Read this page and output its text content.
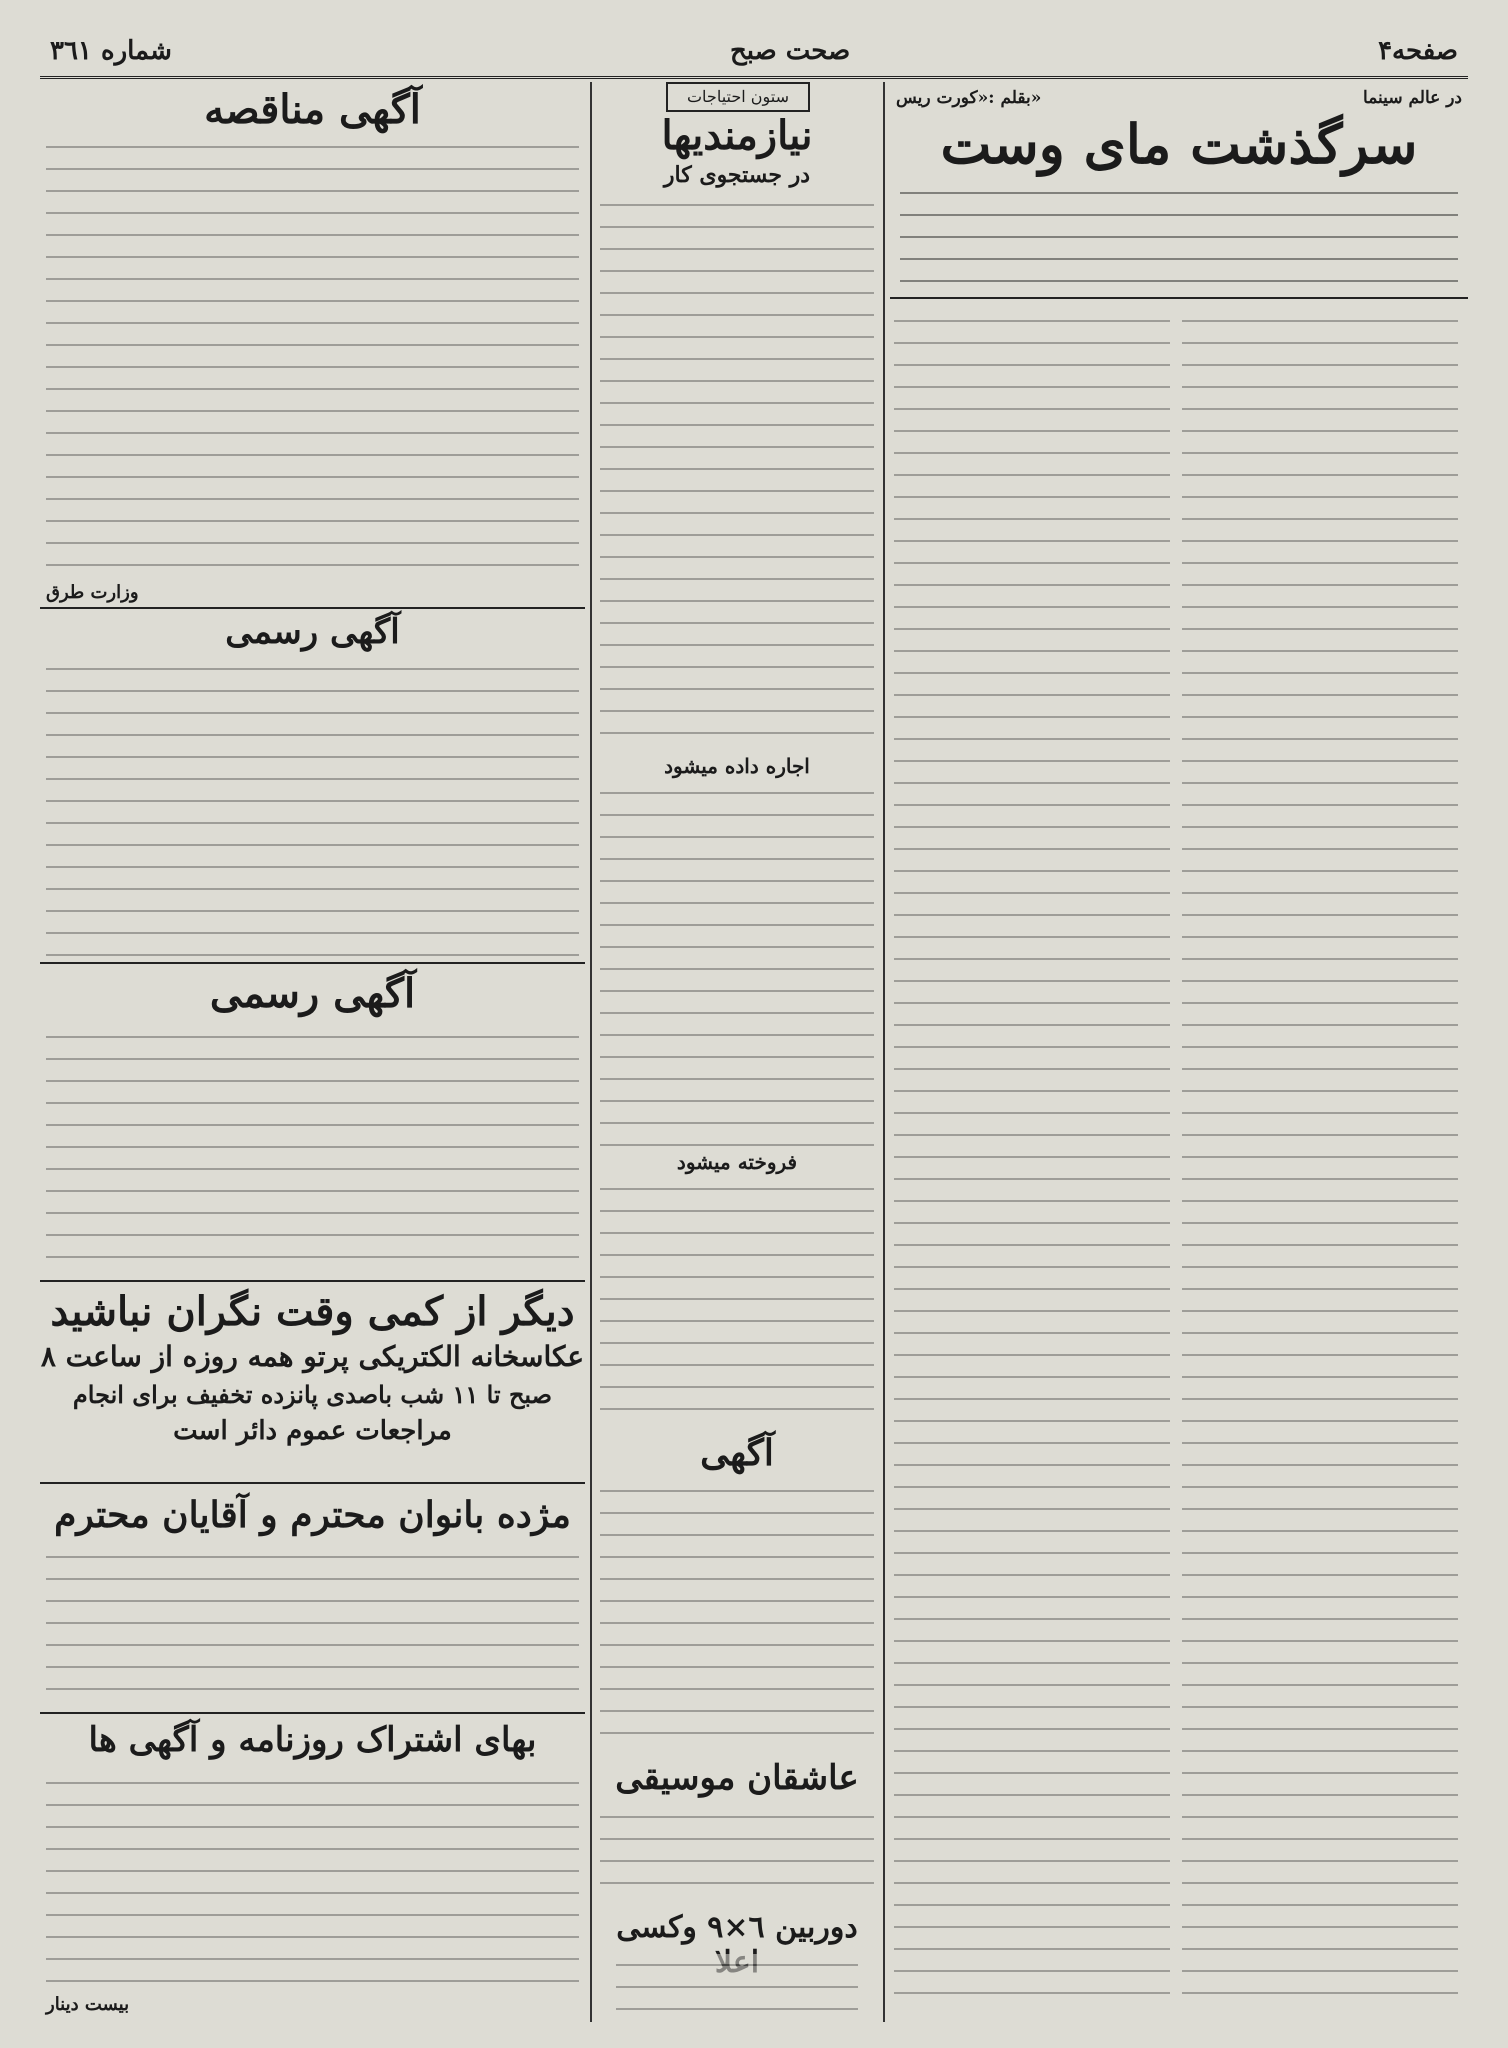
صفحه۴
صحت صبح
شماره ۳٦١
در عالم سینما
بقلم :«کورت ریس»
سرگذشت مای وست
ستون احتیاجات
نیازمندیها
در جستجوی کار
اجاره داده میشود
فروخته میشود
آگهی
عاشقان موسیقی
دوربین ٦×٩ وکسی
آگهی مناقصه
وزارت طرق
آگهی رسمی
آگهی رسمی
دیگر از کمی وقت نگران نباشید
عکاسخانه الکتریکی پرتو همه روزه از ساعت ۸
صبح تا ۱۱ شب باصدی پانزده تخفیف برای انجام
مراجعات عموم دائر است
مژده بانوان محترم و آقایان محترم
بهای اشتراک روزنامه و آگهی ها
بیست دینار
